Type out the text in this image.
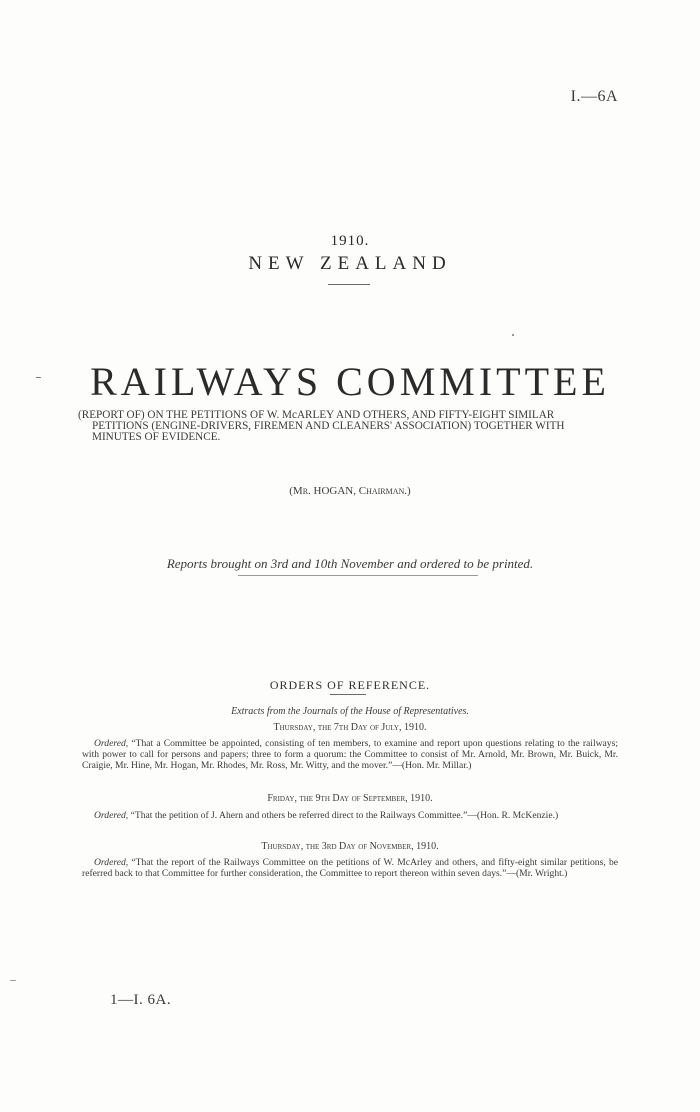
I.—6A
1910.
NEW ZEALAND
RAILWAYS COMMITTEE

(REPORT OF) ON THE PETITIONS OF W. McARLEY AND OTHERS, AND FIFTY-EIGHT SIMILAR

PETITIONS (ENGINE-DRIVERS, FIREMEN AND CLEANERS' ASSOCIATION) TOGETHER WITH

MINUTES OF EVIDENCE.

(Mr. HOGAN, Chairman.)
Reports brought on 3rd and 10th November and ordered to be printed.
ORDERS OF REFERENCE.
Extracts from the Journals of the House of Representatives.
Thursday, the 7th Day of July, 1910.

Ordered, “That a Committee be appointed, consisting of ten members, to examine and report upon questions relating to the railways; with power to call for persons and papers; three to form a quorum: the Committee to consist of Mr. Arnold, Mr. Brown, Mr. Buick, Mr. Craigie, Mr. Hine, Mr. Hogan, Mr. Rhodes, Mr. Ross, Mr. Witty, and the mover.”—(Hon. Mr. Millar.)

Friday, the 9th Day of September, 1910.

Ordered, “That the petition of J. Ahern and others be referred direct to the Railways Committee.”—(Hon. R. McKenzie.)

Thursday, the 3rd Day of November, 1910.

Ordered, “That the report of the Railways Committee on the petitions of W. McArley and others, and fifty-eight similar petitions, be referred back to that Committee for further consideration, the Committee to report thereon within seven days.”—(Mr. Wright.)

1—I. 6A.
